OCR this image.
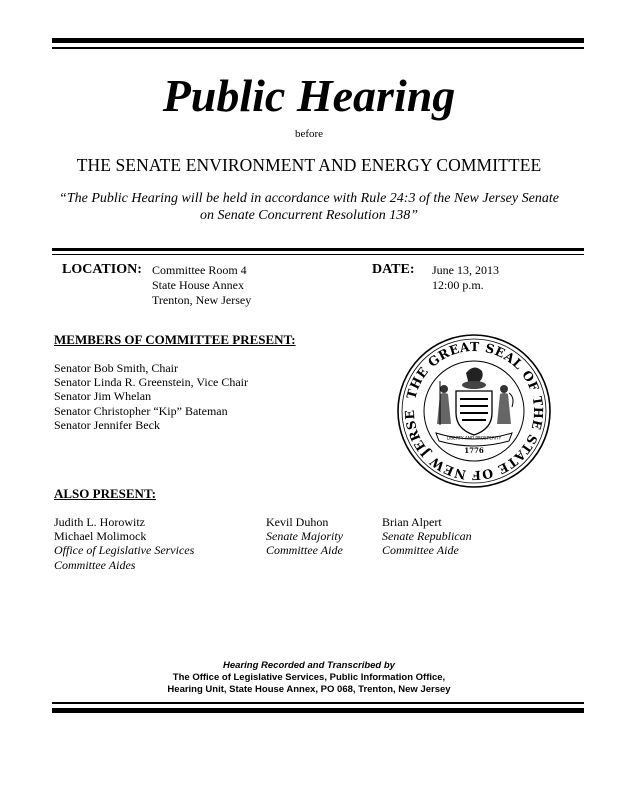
Public Hearing
before
THE SENATE ENVIRONMENT AND ENERGY COMMITTEE
“The Public Hearing will be held in accordance with Rule 24:3 of the New Jersey Senate
on Senate Concurrent Resolution 138”
LOCATION: Committee Room 4
State House Annex
Trenton, New Jersey
DATE: June 13, 2013
12:00 p.m.
MEMBERS OF COMMITTEE PRESENT:
Senator Bob Smith, Chair
Senator Linda R. Greenstein, Vice Chair
Senator Jim Whelan
Senator Christopher “Kip” Bateman
Senator Jennifer Beck
THE GREAT SEAL OF THE STATE OF NEW JERSE
LIBERTY AND PROSPERITY
1776
ALSO PRESENT:
Judith L. Horowitz
Michael Molimock
Office of Legislative Services
Committee Aides
Kevil Duhon
Senate Majority
Committee Aide
Brian Alpert
Senate Republican
Committee Aide
Hearing Recorded and Transcribed by
The Office of Legislative Services, Public Information Office,
Hearing Unit, State House Annex, PO 068, Trenton, New Jersey
